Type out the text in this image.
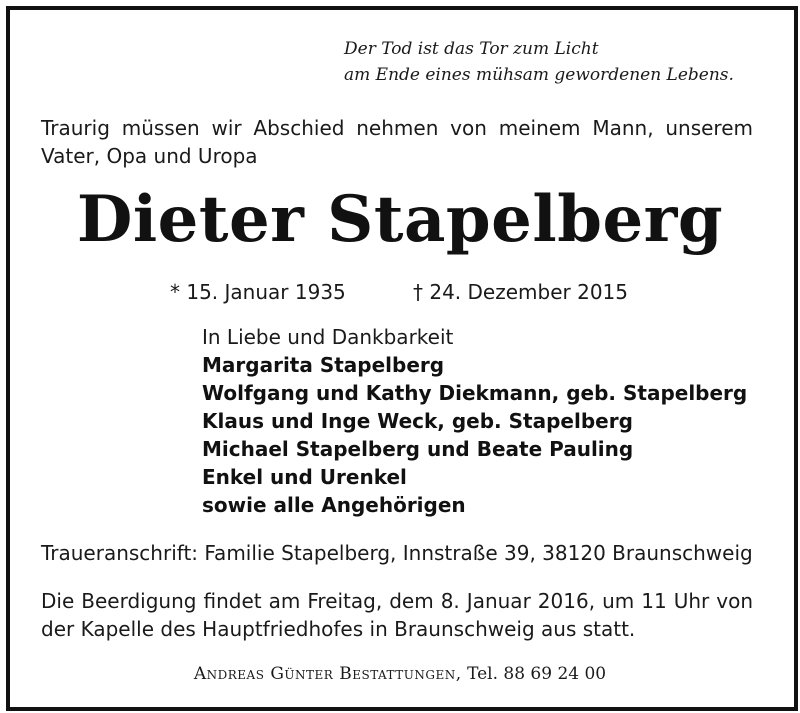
Der Tod ist das Tor zum Licht
am Ende eines mühsam gewordenen Lebens.
Traurig müssen wir Abschied nehmen von meinem Mann, unserem
Vater, Opa und Uropa
Dieter Stapelberg
* 15. Januar 1935	† 24. Dezember 2015
In Liebe und Dankbarkeit
Margarita Stapelberg
Wolfgang und Kathy Diekmann, geb. Stapelberg
Klaus und Inge Weck, geb. Stapelberg
Michael Stapelberg und Beate Pauling
Enkel und Urenkel
sowie alle Angehörigen
Traueranschrift: Familie Stapelberg, Innstraße 39, 38120 Braunschweig
Die Beerdigung findet am Freitag, dem 8. Januar 2016, um 11 Uhr von
der Kapelle des Hauptfriedhofes in Braunschweig aus statt.
Andreas Günter Bestattungen, Tel. 88 69 24 00
